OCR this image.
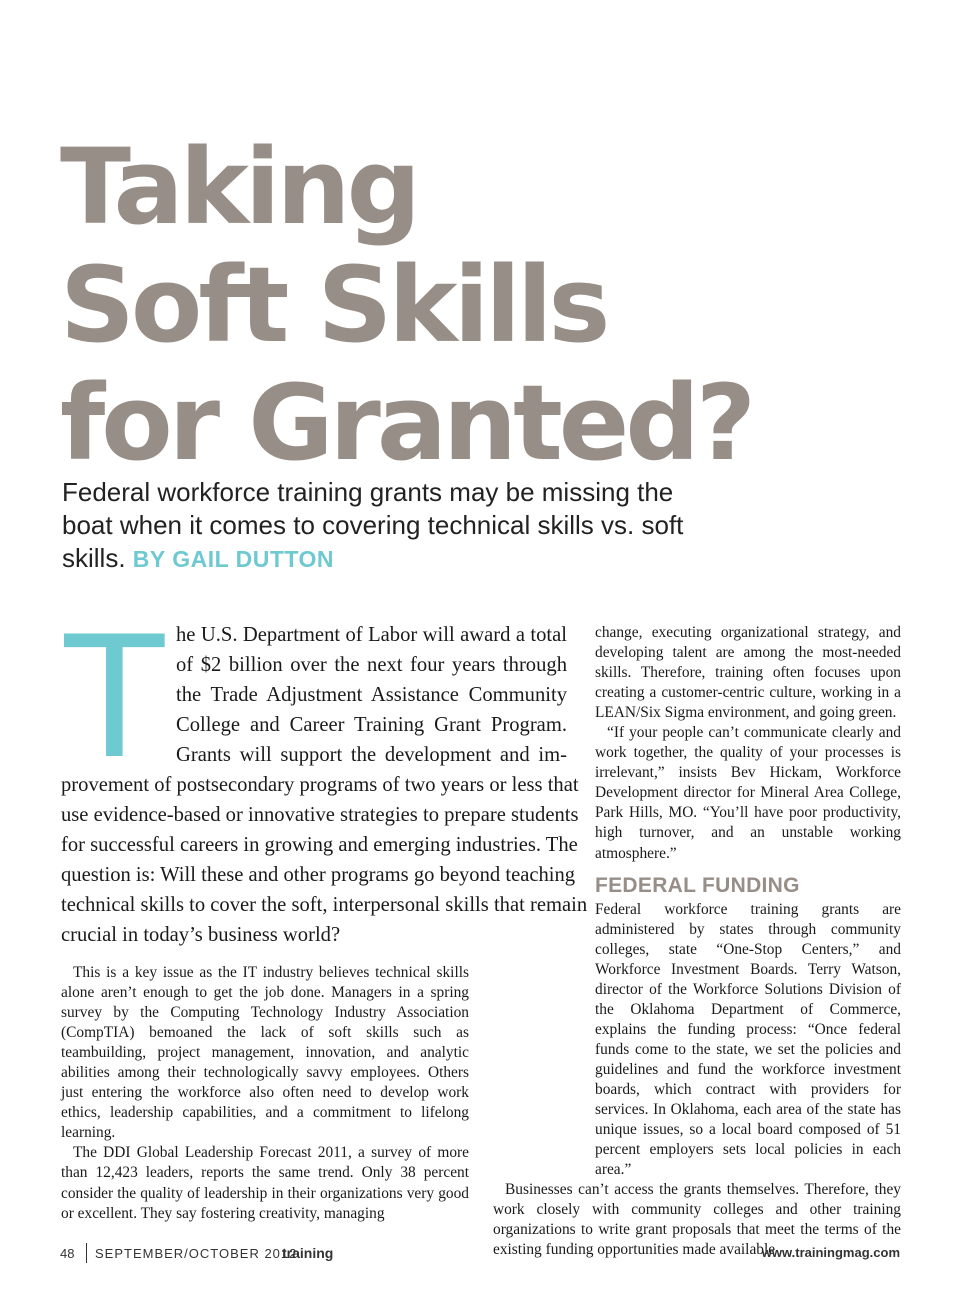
Taking
Soft Skills
for Granted?

Federal workforce training grants may be missing the boat when it comes to covering technical skills vs. soft skills. BY GAIL DUTTON

T he U.S. Department of Labor will award a total
of $2 billion over the next four years through
the Trade Adjustment Assistance Community
College and Career Training Grant Program.
Grants will support the development and im-
provement of postsecondary programs of two years or less that
use evidence-based or innovative strategies to prepare students
for successful careers in growing and emerging industries. The
question is: Will these and other programs go beyond teaching
technical skills to cover the soft, interpersonal skills that remain
crucial in today’s business world?

This is a key issue as the IT industry believes technical skills alone aren’t enough to get the job done. Managers in a spring survey by the Computing Technology Industry Association (CompTIA) bemoaned the lack of soft skills such as teambuilding, project management, innovation, and analytic abilities among their technologically savvy employees. Others just entering the workforce also often need to develop work ethics, leadership capabilities, and a commitment to lifelong learning.

The DDI Global Leadership Forecast 2011, a survey of more than 12,423 leaders, reports the same trend. Only 38 percent consider the quality of leadership in their organizations very good or excellent. They say fostering creativity, managing

change, executing organizational strategy, and developing talent are among the most-needed skills. Therefore, training often focuses upon creating a customer-centric culture, working in a LEAN/Six Sigma environment, and going green.

“If your people can’t communicate clearly and work together, the quality of your processes is irrelevant,” insists Bev Hickam, Workforce Development director for Mineral Area College, Park Hills, MO. “You’ll have poor productivity, high turnover, and an unstable working atmosphere.”

FEDERAL FUNDING

Federal workforce training grants are administered by states through community colleges, state “One-Stop Centers,” and Workforce Investment Boards. Terry Watson, director of the Workforce Solutions Division of the Oklahoma Department of Commerce, explains the funding process: “Once federal funds come to the state, we set the policies and guidelines and fund the workforce investment boards, which contract with providers for services. In Oklahoma, each area of the state has unique issues, so a local board composed of 51 percent employers sets local policies in each area.”

Businesses can’t access the grants themselves. Therefore, they work closely with community colleges and other training organizations to write grant proposals that meet the terms of the existing funding opportunities made available

48 SEPTEMBER/OCTOBER 2012
training	www.trainingmag.com
